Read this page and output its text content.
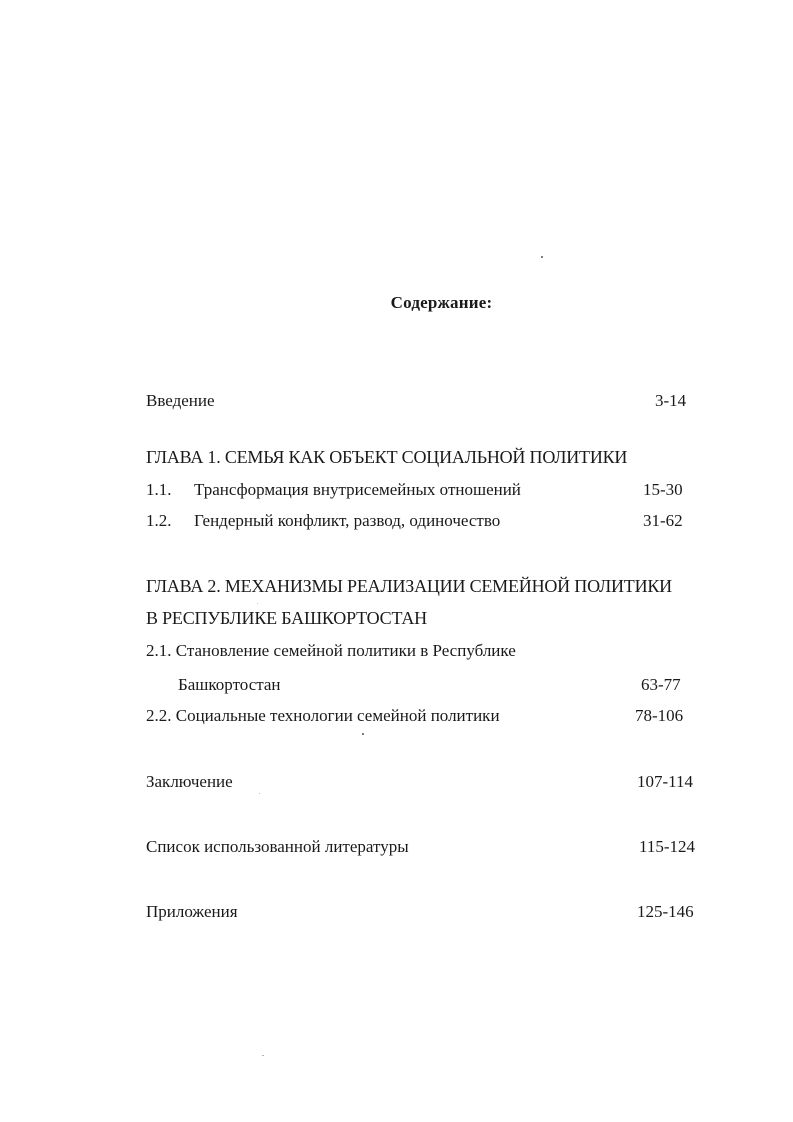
Содержание:
Введение	3-14
ГЛАВА 1. СЕМЬЯ КАК ОБЪЕКТ СОЦИАЛЬНОЙ ПОЛИТИКИ
1.1. Трансформация внутрисемейных отношений	15-30
1.2. Гендерный конфликт, развод, одиночество	31-62
ГЛАВА 2. МЕХАНИЗМЫ РЕАЛИЗАЦИИ СЕМЕЙНОЙ ПОЛИТИКИ
В РЕСПУБЛИКЕ БАШКОРТОСТАН
2.1. Становление семейной политики в Республике
Башкортостан	63-77
2.2. Социальные технологии семейной политики	78-106
Заключение	107-114
Список использованной литературы	115-124
Приложения	125-146
